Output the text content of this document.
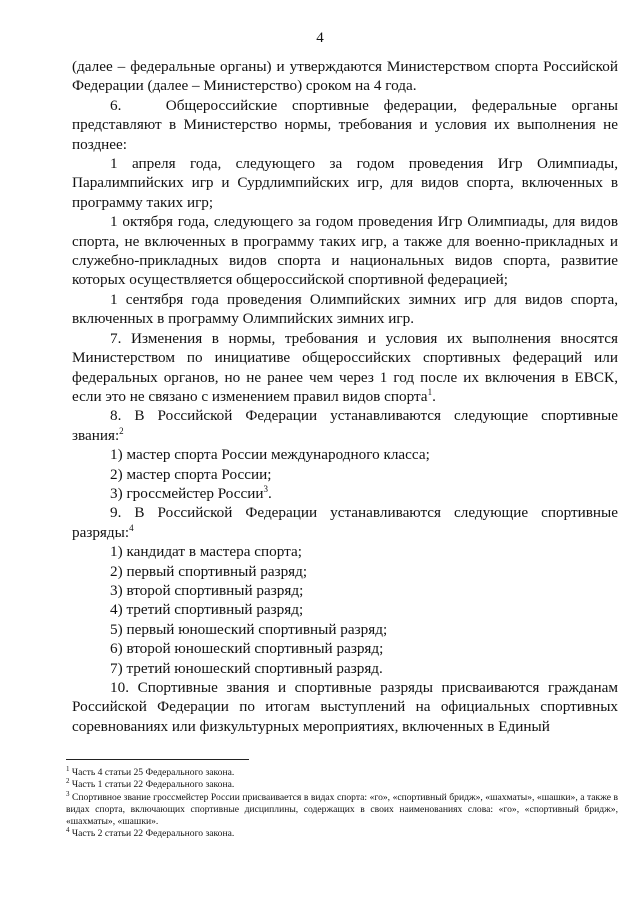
4

(далее – федеральные органы) и утверждаются Министерством спорта Российской Федерации (далее – Министерство) сроком на 4 года.

6.   Общероссийские спортивные федерации, федеральные органы представляют в Министерство нормы, требования и условия их выполнения не позднее:

1 апреля года, следующего за годом проведения Игр Олимпиады, Паралимпийских игр и Сурдлимпийских игр, для видов спорта, включенных в программу таких игр;

1 октября года, следующего за годом проведения Игр Олимпиады, для видов спорта, не включенных в программу таких игр, а также для военно-прикладных и служебно-прикладных видов спорта и национальных видов спорта, развитие которых осуществляется общероссийской спортивной федерацией;

1 сентября года проведения Олимпийских зимних игр для видов спорта, включенных в программу Олимпийских зимних игр.

7. Изменения в нормы, требования и условия их выполнения вносятся Министерством по инициативе общероссийских спортивных федераций или федеральных органов, но не ранее чем через 1 год после их включения в ЕВСК, если это не связано с изменением правил видов спорта$^1$.

8. В Российской Федерации устанавливаются следующие спортивные звания:$^2$

1) мастер спорта России международного класса;

2) мастер спорта России;

3) гроссмейстер России$^3$.

9. В Российской Федерации устанавливаются следующие спортивные разряды:$^4$

1) кандидат в мастера спорта;

2) первый спортивный разряд;

3) второй спортивный разряд;

4) третий спортивный разряд;

5) первый юношеский спортивный разряд;

6) второй юношеский спортивный разряд;

7) третий юношеский спортивный разряд.

10. Спортивные звания и спортивные разряды присваиваются гражданам Российской Федерации по итогам выступлений на официальных спортивных соревнованиях или физкультурных мероприятиях, включенных в Единый

$^1$ Часть 4 статьи 25 Федерального закона.

$^2$ Часть 1 статьи 22 Федерального закона.

$^3$ Спортивное звание гроссмейстер России присваивается в видах спорта: «го», «спортивный бридж», «шахматы», «шашки», а также в видах спорта, включающих спортивные дисциплины, содержащих в своих наименованиях слова: «го», «спортивный бридж», «шахматы», «шашки».

$^4$ Часть 2 статьи 22 Федерального закона.
